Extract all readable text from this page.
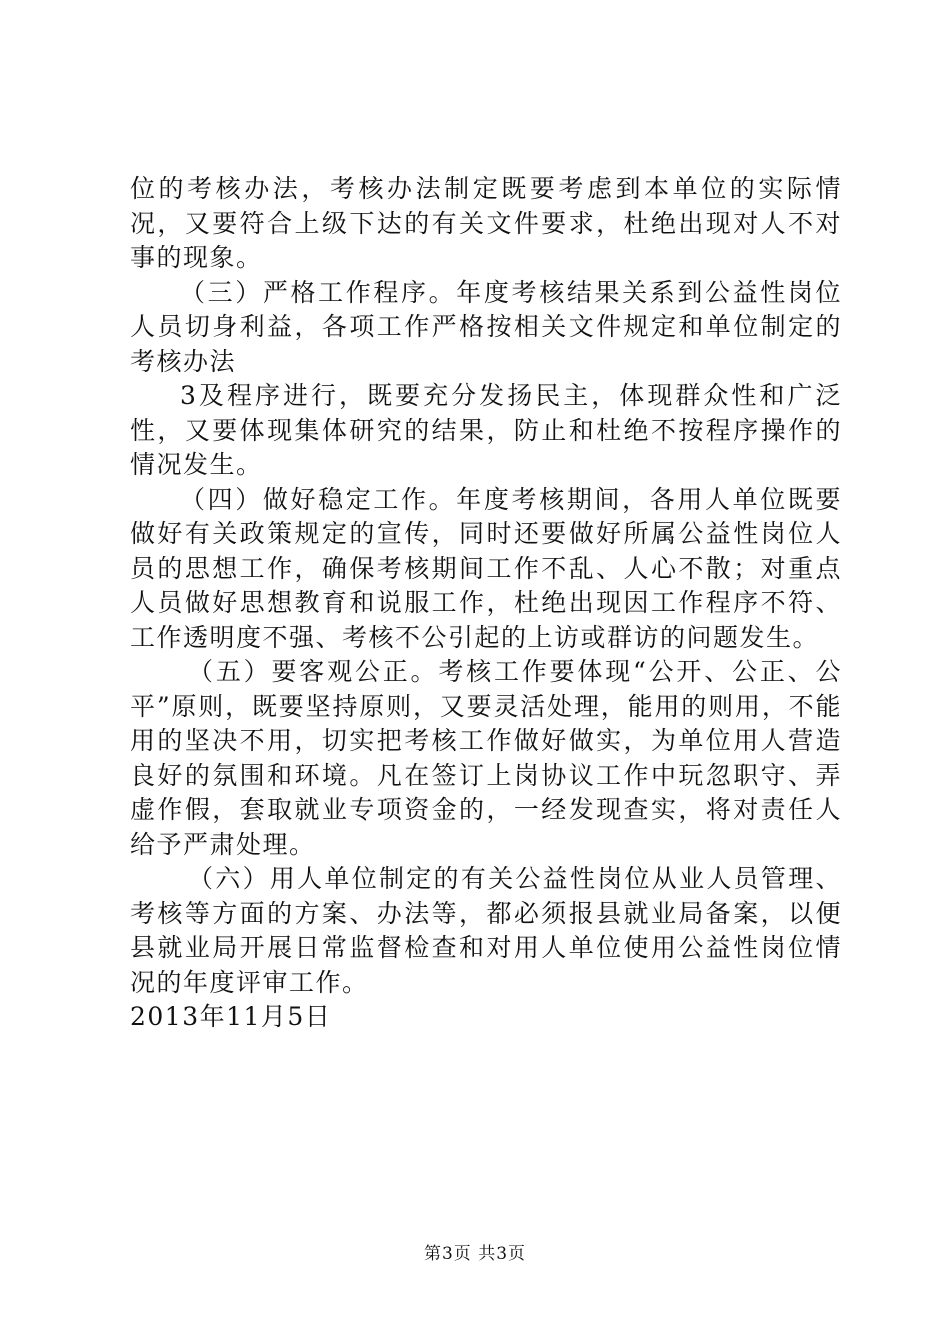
位的考核办法，考核办法制定既要考虑到本单位的实际情况，又要符合上级下达的有关文件要求，杜绝出现对人不对事的现象。

（三）严格工作程序。年度考核结果关系到公益性岗位人员切身利益，各项工作严格按相关文件规定和单位制定的考核办法

3及程序进行，既要充分发扬民主，体现群众性和广泛性，又要体现集体研究的结果，防止和杜绝不按程序操作的情况发生。

（四）做好稳定工作。年度考核期间，各用人单位既要做好有关政策规定的宣传，同时还要做好所属公益性岗位人员的思想工作，确保考核期间工作不乱、人心不散；对重点人员做好思想教育和说服工作，杜绝出现因工作程序不符、工作透明度不强、考核不公引起的上访或群访的问题发生。

（五）要客观公正。考核工作要体现“公开、公正、公平”原则，既要坚持原则，又要灵活处理，能用的则用，不能用的坚决不用，切实把考核工作做好做实，为单位用人营造良好的氛围和环境。凡在签订上岗协议工作中玩忽职守、弄虚作假，套取就业专项资金的，一经发现查实，将对责任人给予严肃处理。

（六）用人单位制定的有关公益性岗位从业人员管理、考核等方面的方案、办法等，都必须报县就业局备案，以便县就业局开展日常监督检查和对用人单位使用公益性岗位情况的年度评审工作。

2013年11月5日

第3页 共3页
